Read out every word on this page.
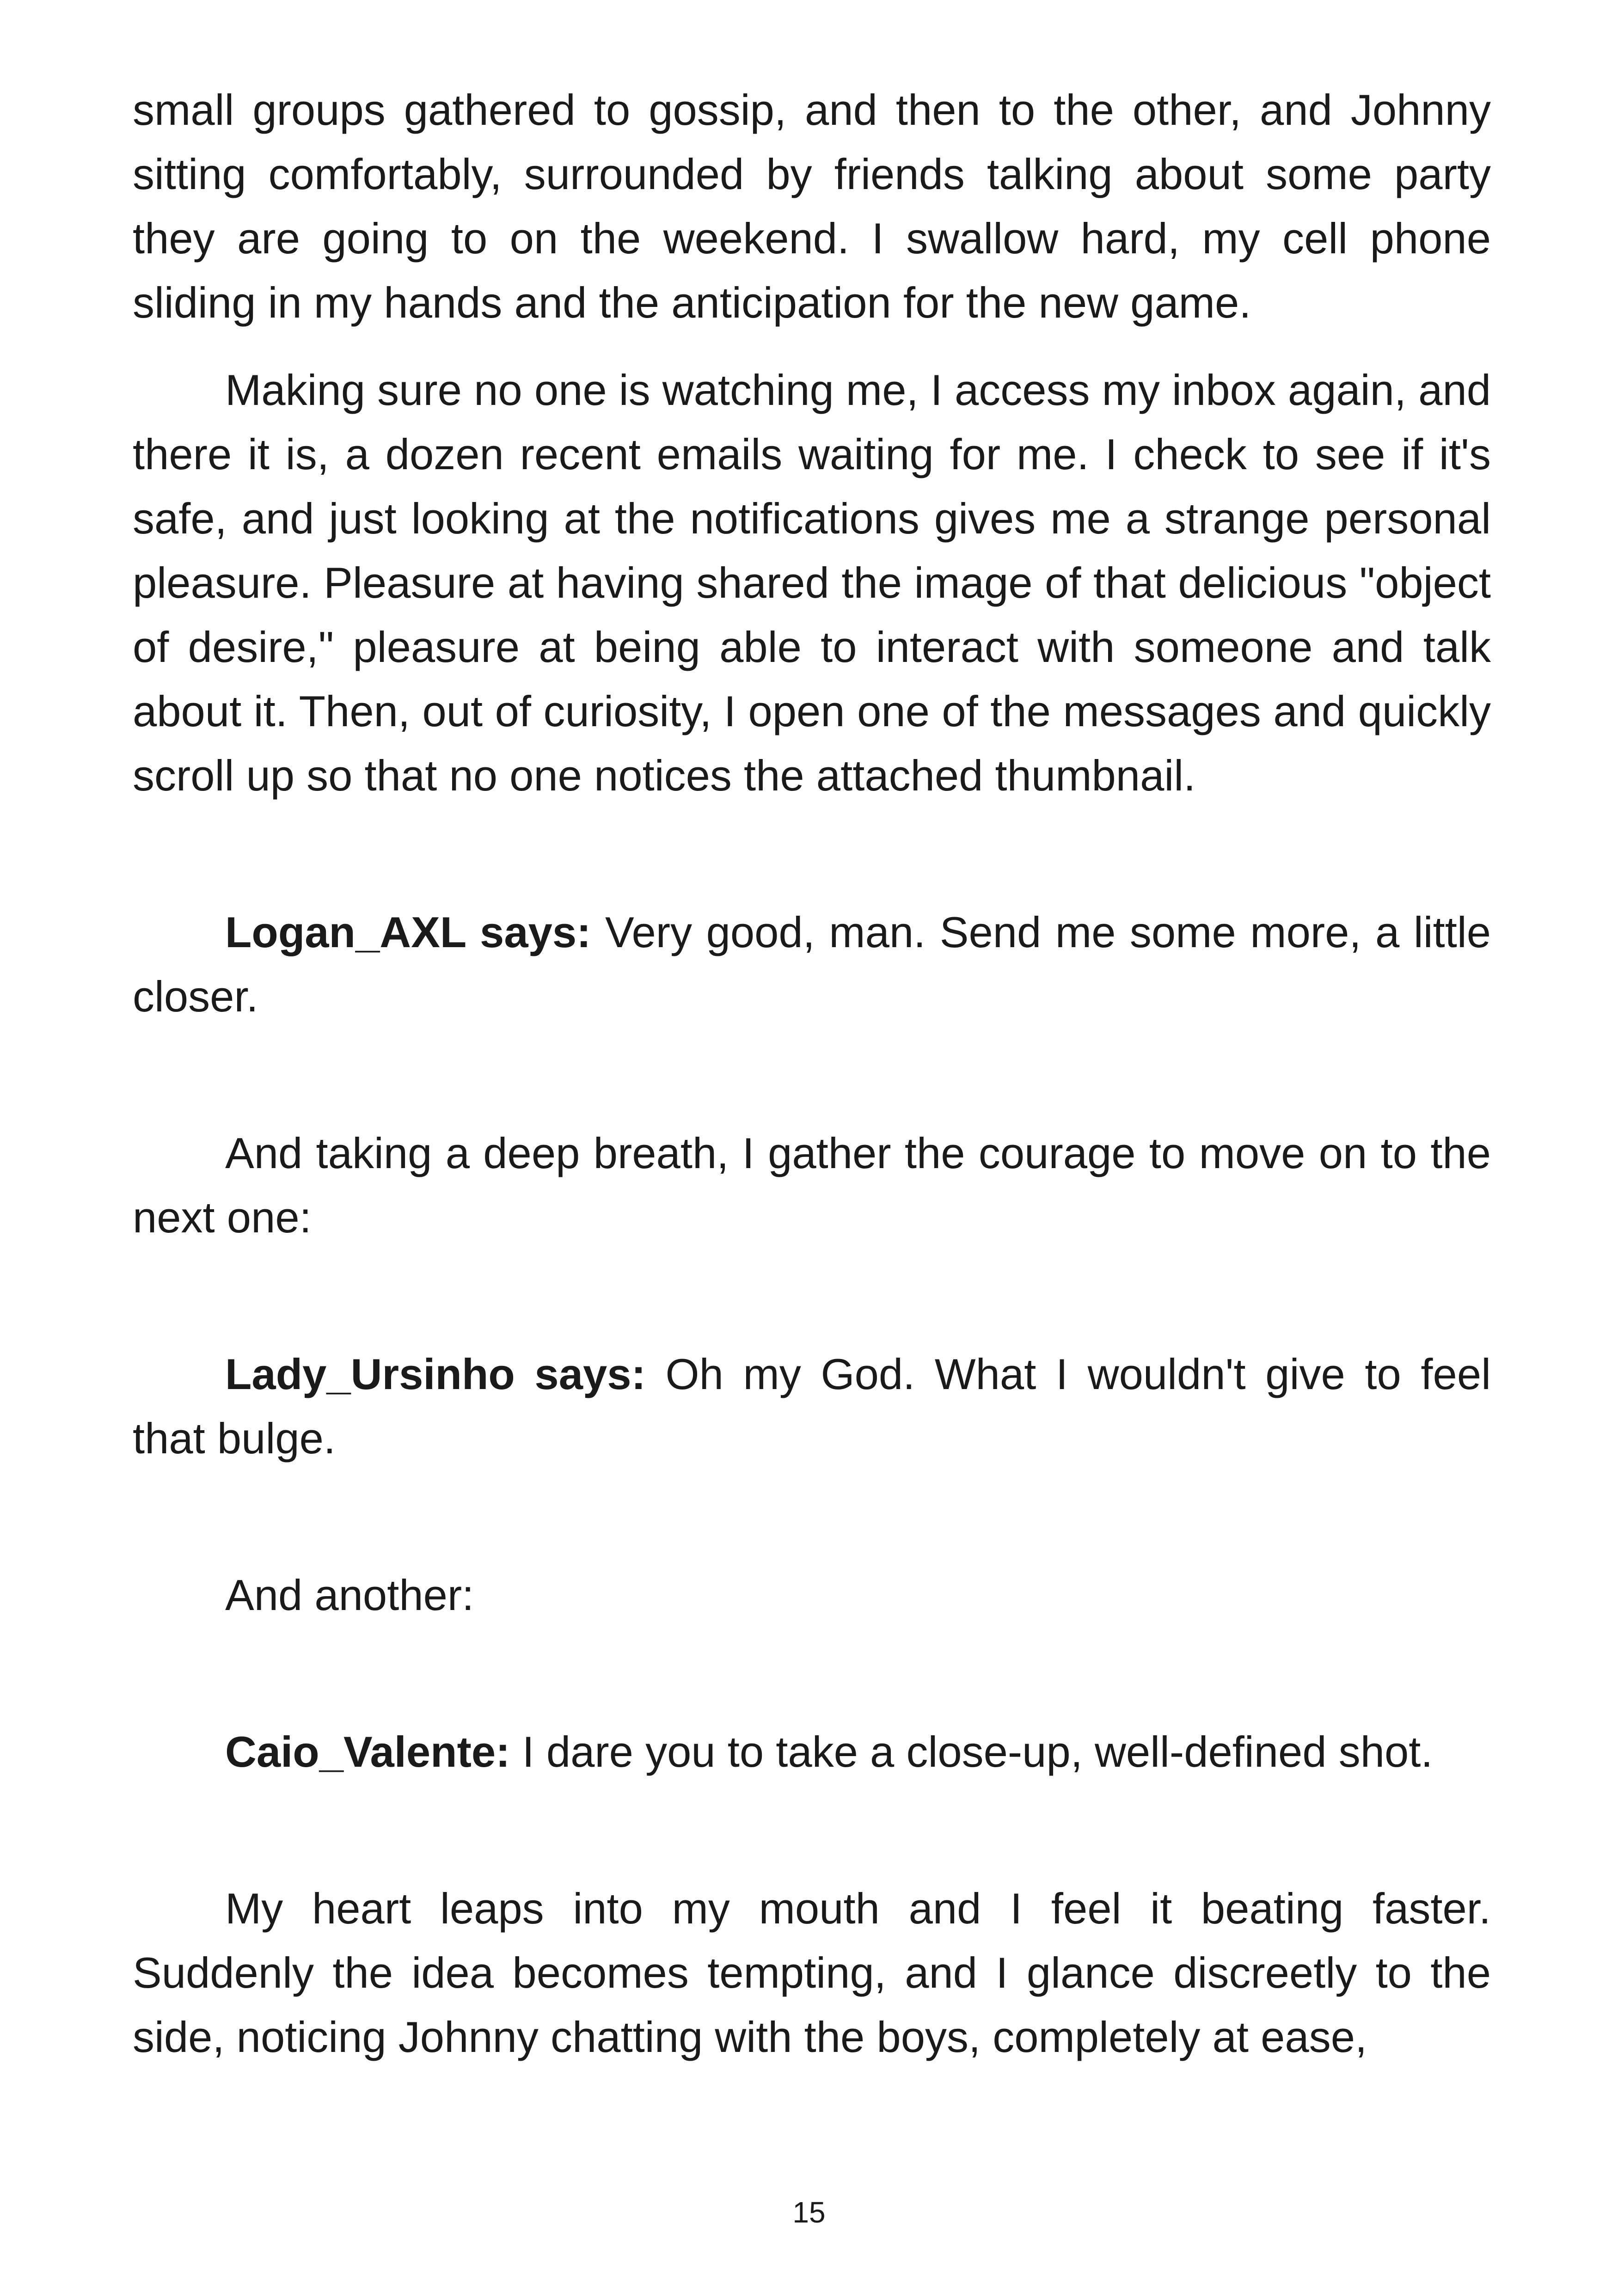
small groups gathered to gossip, and then to the other, and Johnny sitting comfortably, surrounded by friends talking about some party they are going to on the weekend. I swallow hard, my cell phone sliding in my hands and the anticipation for the new game.

Making sure no one is watching me, I access my inbox again, and there it is, a dozen recent emails waiting for me. I check to see if it's safe, and just looking at the notifications gives me a strange personal pleasure. Pleasure at having shared the image of that delicious "object of desire," pleasure at being able to interact with someone and talk about it. Then, out of curiosity, I open one of the messages and quickly scroll up so that no one notices the attached thumbnail.

Logan_AXL says: Very good, man. Send me some more, a little closer.

And taking a deep breath, I gather the courage to move on to the next one:

Lady_Ursinho says: Oh my God. What I wouldn't give to feel that bulge.

And another:

Caio_Valente: I dare you to take a close-up, well-defined shot.

My heart leaps into my mouth and I feel it beating faster. Suddenly the idea becomes tempting, and I glance discreetly to the side, noticing Johnny chatting with the boys, completely at ease,

15
